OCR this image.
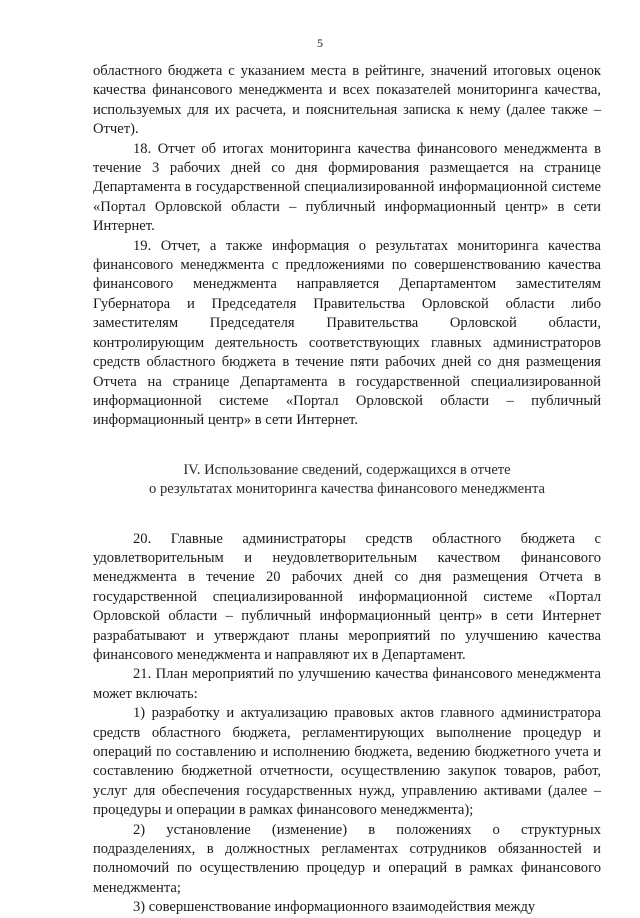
5

областного бюджета с указанием места в рейтинге, значений итоговых оценок качества финансового менеджмента и всех показателей мониторинга качества, используемых для их расчета, и пояснительная записка к нему (далее также – Отчет).

18. Отчет об итогах мониторинга качества финансового менеджмента в течение 3 рабочих дней со дня формирования размещается на странице Департамента в государственной специализированной информационной системе «Портал Орловской области – публичный информационный центр» в сети Интернет.

19. Отчет, а также информация о результатах мониторинга качества финансового менеджмента с предложениями по совершенствованию качества финансового менеджмента направляется Департаментом заместителям Губернатора и Председателя Правительства Орловской области либо заместителям Председателя Правительства Орловской области, контролирующим деятельность соответствующих главных администраторов средств областного бюджета в течение пяти рабочих дней со дня размещения Отчета на странице Департамента в государственной специализированной информационной системе «Портал Орловской области – публичный информационный центр» в сети Интернет.

IV. Использование сведений, содержащихся в отчете
о результатах мониторинга качества финансового менеджмента

20. Главные администраторы средств областного бюджета с удовлетворительным и неудовлетворительным качеством финансового менеджмента в течение 20 рабочих дней со дня размещения Отчета в государственной специализированной информационной системе «Портал Орловской области – публичный информационный центр» в сети Интернет разрабатывают и утверждают планы мероприятий по улучшению качества финансового менеджмента и направляют их в Департамент.

21. План мероприятий по улучшению качества финансового менеджмента может включать:

1) разработку и актуализацию правовых актов главного администратора средств областного бюджета, регламентирующих выполнение процедур и операций по составлению и исполнению бюджета, ведению бюджетного учета и составлению бюджетной отчетности, осуществлению закупок товаров, работ, услуг для обеспечения государственных нужд, управлению активами (далее – процедуры и операции в рамках финансового менеджмента);

2) установление (изменение) в положениях о структурных подразделениях, в должностных регламентах сотрудников обязанностей и полномочий по осуществлению процедур и операций в рамках финансового менеджмента;

3) совершенствование информационного взаимодействия между
